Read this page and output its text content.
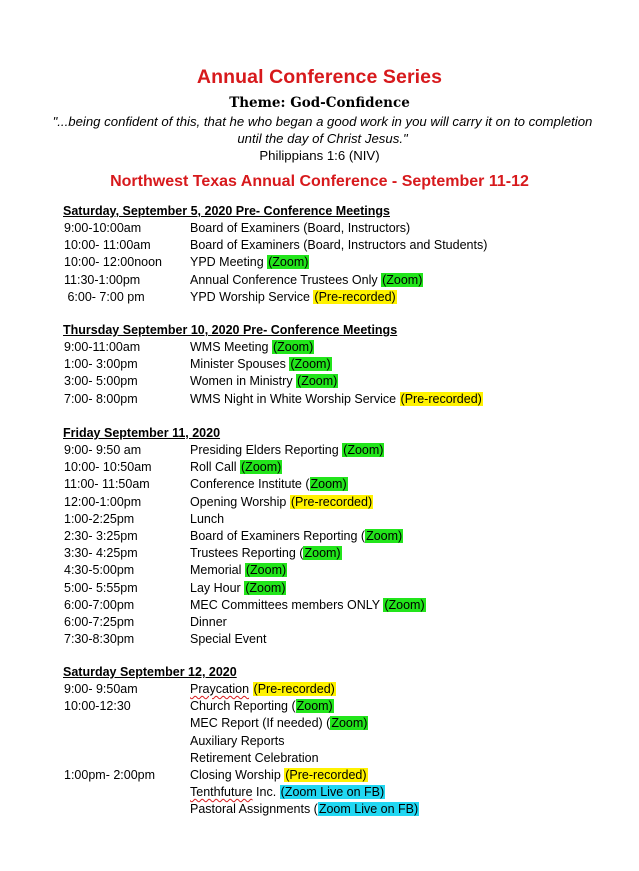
Annual Conference Series
Theme: God-Confidence
"...being confident of this, that he who began a good work in you will carry it on to completion until the day of Christ Jesus."
Philippians 1:6 (NIV)
Northwest Texas Annual Conference - September 11-12
Saturday, September 5, 2020 Pre- Conference Meetings
9:00-10:00am	Board of Examiners (Board, Instructors)
10:00- 11:00am	Board of Examiners (Board, Instructors and Students)
10:00- 12:00noon YPD Meeting (Zoom)
11:30-1:00pm	Annual Conference Trustees Only (Zoom)
6:00- 7:00 pm	YPD Worship Service (Pre-recorded)
Thursday September 10, 2020 Pre- Conference Meetings
9:00-11:00am	WMS Meeting (Zoom)
1:00- 3:00pm	Minister Spouses (Zoom)
3:00- 5:00pm	Women in Ministry (Zoom)
7:00- 8:00pm	WMS Night in White Worship Service (Pre-recorded)
Friday September 11, 2020
9:00- 9:50 am	Presiding Elders Reporting (Zoom)
10:00- 10:50am	Roll Call (Zoom)
11:00- 11:50am	Conference Institute (Zoom)
12:00-1:00pm	Opening Worship (Pre-recorded)
1:00-2:25pm	Lunch
2:30- 3:25pm	Board of Examiners Reporting (Zoom)
3:30- 4:25pm	Trustees Reporting (Zoom)
4:30-5:00pm	Memorial (Zoom)
5:00- 5:55pm	Lay Hour (Zoom)
6:00-7:00pm	MEC Committees members ONLY (Zoom)
6:00-7:25pm	Dinner
7:30-8:30pm	Special Event
Saturday September 12, 2020
9:00- 9:50am	Praycation (Pre-recorded)
10:00-12:30	Church Reporting (Zoom)
MEC Report (If needed) (Zoom)
Auxiliary Reports
Retirement Celebration
1:00pm- 2:00pm	Closing Worship (Pre-recorded)
Tenthfuture Inc. (Zoom Live on FB)
Pastoral Assignments (Zoom Live on FB)
